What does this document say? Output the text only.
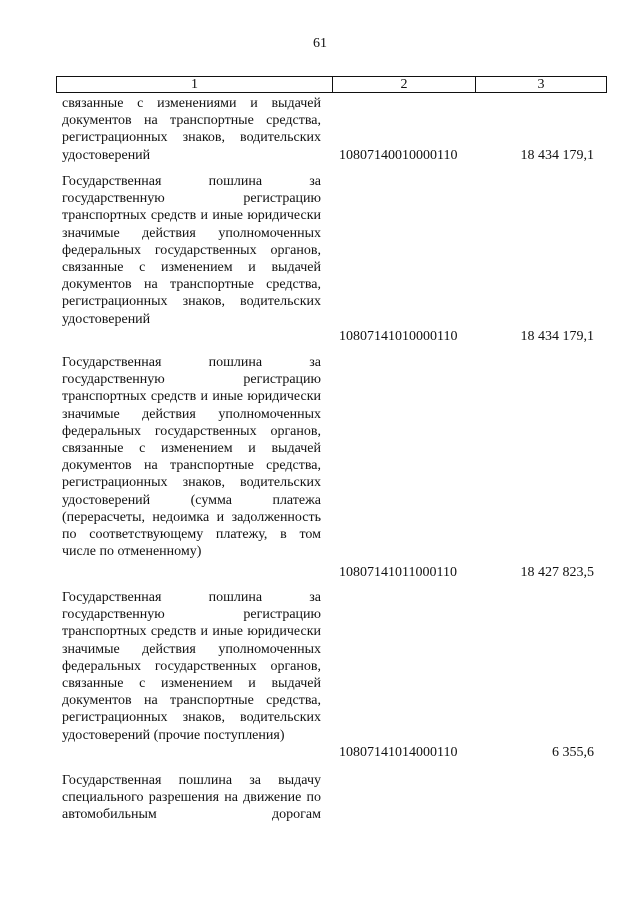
61
1	2	3
связанные с изменениями и выдачей документов на транспортные средства, регистрационных знаков, водительских удостоверений	10807140010000110	18 434 179,1
Государственная пошлина за государственную регистрацию транспортных средств и иные юридически значимые действия уполномоченных федеральных государственных органов, связанные с изменением и выдачей документов на транспортные средства, регистрационных знаков, водительских удостоверений
10807141010000110	18 434 179,1
Государственная пошлина за государственную регистрацию транспортных средств и иные юридически значимые действия уполномоченных федеральных государственных органов, связанные с изменением и выдачей документов на транспортные средства, регистрационных знаков, водительских удостоверений (сумма платежа (перерасчеты, недоимка и задолженность по соответствующему платежу, в том числе по отмененному)
10807141011000110	18 427 823,5
Государственная пошлина за государственную регистрацию транспортных средств и иные юридически значимые действия уполномоченных федеральных государственных органов, связанные с изменением и выдачей документов на транспортные средства, регистрационных знаков, водительских удостоверений (прочие поступления)
10807141014000110	6 355,6
Государственная пошлина за выдачу специального разрешения на движение по автомобильным дорогам
